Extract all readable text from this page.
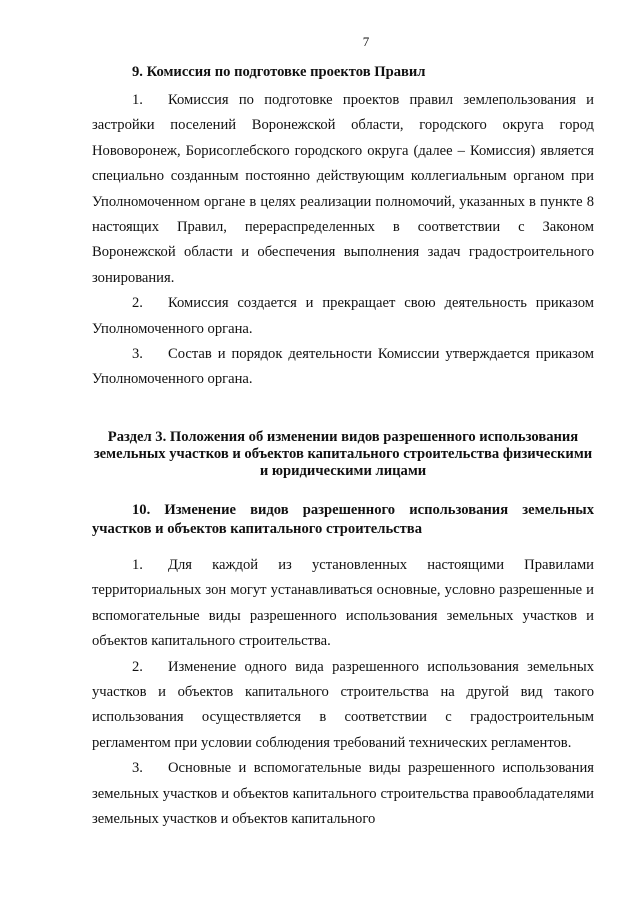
7

9. Комиссия по подготовке проектов Правил

1. Комиссия по подготовке проектов правил землепользования и застройки поселений Воронежской области, городского округа город Нововоронеж, Борисоглебского городского округа (далее – Комиссия) является специально созданным постоянно действующим коллегиальным органом при Уполномоченном органе в целях реализации полномочий, указанных в пункте 8 настоящих Правил, перераспределенных в соответствии с Законом Воронежской области и обеспечения выполнения задач градостроительного зонирования.

2. Комиссия создается и прекращает свою деятельность приказом Уполномоченного органа.

3. Состав и порядок деятельности Комиссии утверждается приказом Уполномоченного органа.

Раздел 3. Положения об изменении видов разрешенного использования земельных участков и объектов капитального строительства физическими и юридическими лицами

10. Изменение видов разрешенного использования земельных участков и объектов капитального строительства

1. Для каждой из установленных настоящими Правилами территориальных зон могут устанавливаться основные, условно разрешенные и вспомогательные виды разрешенного использования земельных участков и объектов капитального строительства.

2. Изменение одного вида разрешенного использования земельных участков и объектов капитального строительства на другой вид такого использования осуществляется в соответствии с градостроительным регламентом при условии соблюдения требований технических регламентов.

3. Основные и вспомогательные виды разрешенного использования земельных участков и объектов капитального строительства правообладателями земельных участков и объектов капитального
